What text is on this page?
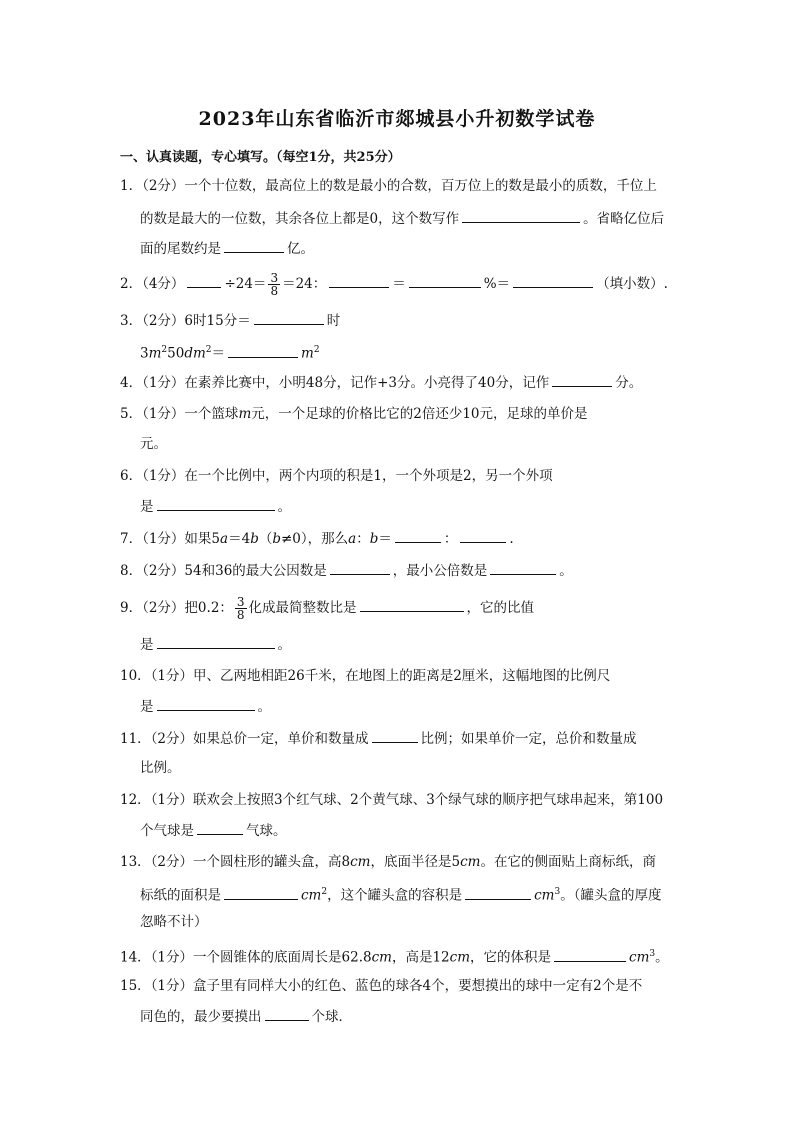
2023年山东省临沂市郯城县小升初数学试卷
一、认真读题，专心填写。（每空1分，共25分）
1．（2分）一个十位数，最高位上的数是最小的合数，百万位上的数是最小的质数，千位上
的数是最大的一位数，其余各位上都是0，这个数写作	。省略亿位后
面的尾数约是	亿。
2．（4分）	$\div 24= \frac{3}{8} =24$：	＝	%＝	（填小数）.
3．（2分）6时15分＝	时
$3m^250dm^2=$	$m^2$
4．（1分）在素养比赛中，小明48分，记作+3分。小亮得了40分，记作	分。
5．（1分）一个篮球m元，一个足球的价格比它的2倍还少10元，足球的单价是
元。
6．（1分）在一个比例中，两个内项的积是1，一个外项是2，另一个外项
是	。
7．（1分）如果5a＝4b（b≠0），那么a：b＝	：	.
8．（2分）54和36的最大公因数是	，最小公倍数是	。
9．（2分）把0.2： $\frac{3}{8}$ 化成最简整数比是	，它的比值
是	。
10．（1分）甲、乙两地相距26千米，在地图上的距离是2厘米，这幅地图的比例尺
是	。
11．（2分）如果总价一定，单价和数量成	比例；如果单价一定，总价和数量成
比例。
12．（1分）联欢会上按照3个红气球、2个黄气球、3个绿气球的顺序把气球串起来，第100
个气球是	气球。
13．（2分）一个圆柱形的罐头盒，高8cm，底面半径是5cm。在它的侧面贴上商标纸，商
标纸的面积是	$cm^2$，这个罐头盒的容积是	$cm^3$。（罐头盒的厚度
忽略不计）
14．（1分）一个圆锥体的底面周长是62.8cm，高是12cm，它的体积是	$cm^3$。
15．（1分）盒子里有同样大小的红色、蓝色的球各4个，要想摸出的球中一定有2个是不
同色的，最少要摸出	个球．
